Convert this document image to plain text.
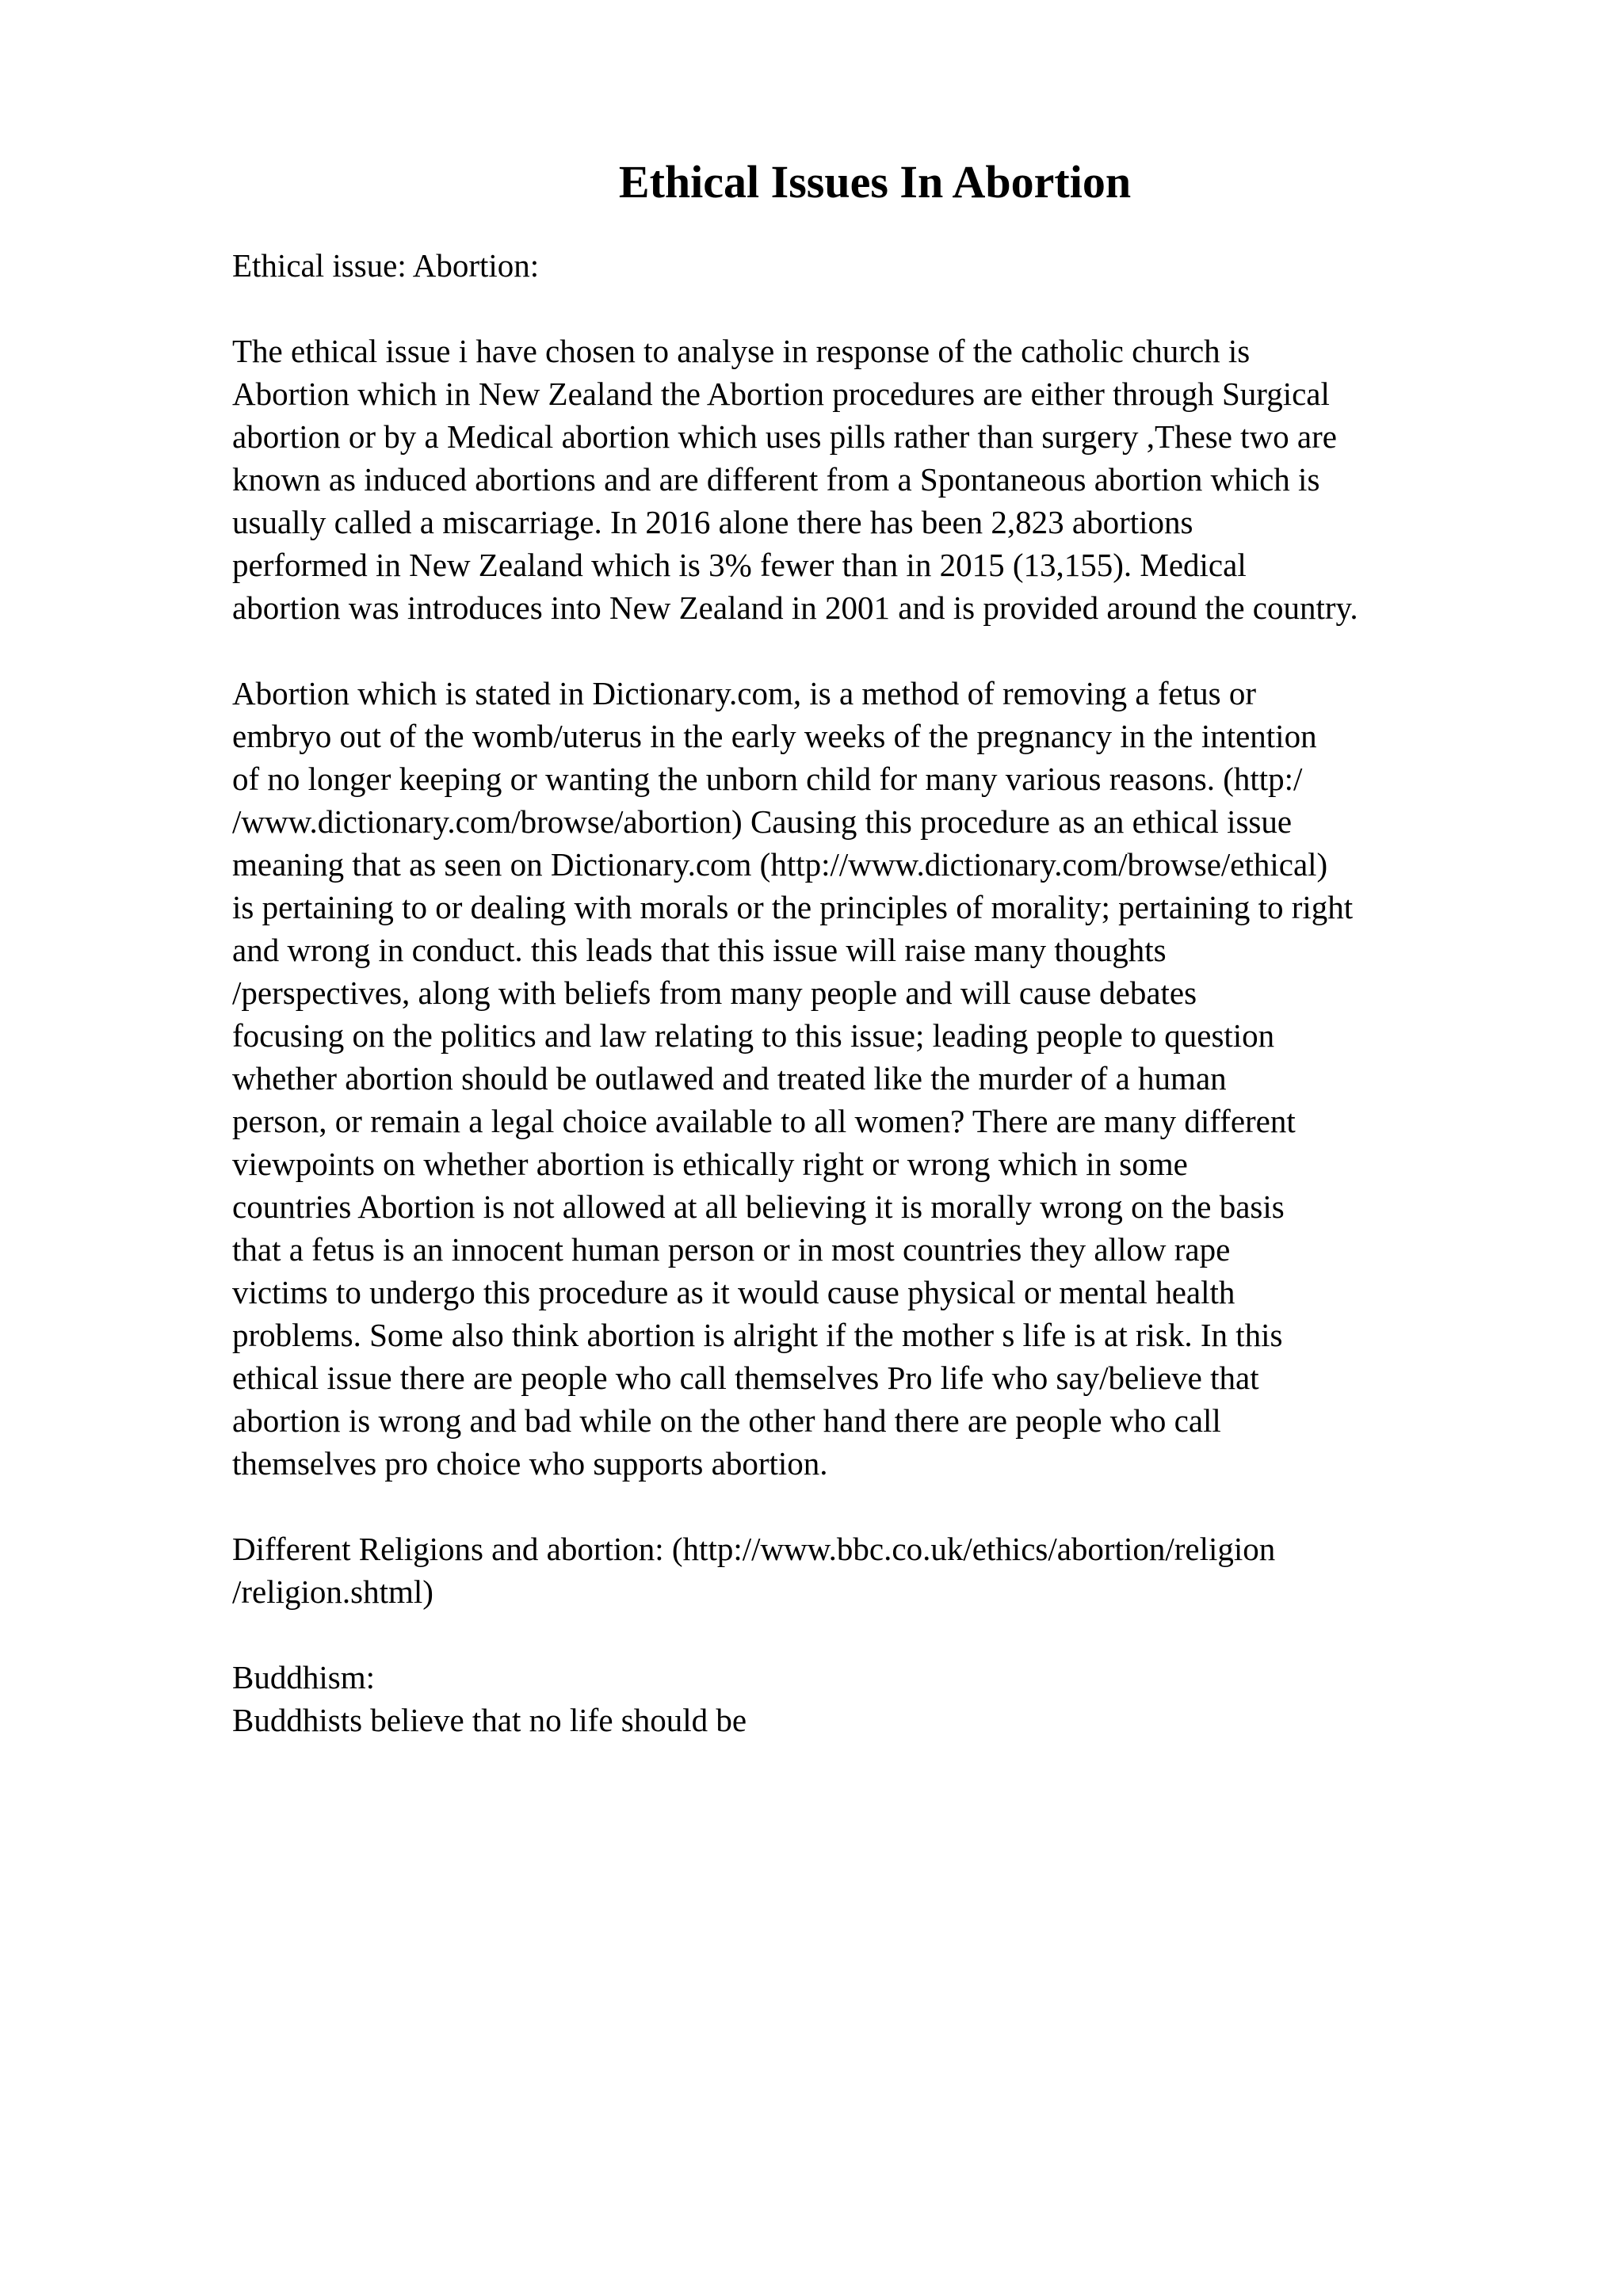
Ethical Issues In Abortion

Ethical issue: Abortion:

The ethical issue i have chosen to analyse in response of the catholic church is
Abortion which in New Zealand the Abortion procedures are either through Surgical
abortion or by a Medical abortion which uses pills rather than surgery ,These two are
known as induced abortions and are different from a Spontaneous abortion which is
usually called a miscarriage. In 2016 alone there has been 2,823 abortions
performed in New Zealand which is 3% fewer than in 2015 (13,155). Medical
abortion was introduces into New Zealand in 2001 and is provided around the country.

Abortion which is stated in Dictionary.com, is a method of removing a fetus or
embryo out of the womb/uterus in the early weeks of the pregnancy in the intention
of no longer keeping or wanting the unborn child for many various reasons. (http:/
/www.dictionary.com/browse/abortion) Causing this procedure as an ethical issue
meaning that as seen on Dictionary.com (http://www.dictionary.com/browse/ethical)
is pertaining to or dealing with morals or the principles of morality; pertaining to right
and wrong in conduct. this leads that this issue will raise many thoughts
/perspectives, along with beliefs from many people and will cause debates
focusing on the politics and law relating to this issue; leading people to question
whether abortion should be outlawed and treated like the murder of a human
person, or remain a legal choice available to all women? There are many different
viewpoints on whether abortion is ethically right or wrong which in some
countries Abortion is not allowed at all believing it is morally wrong on the basis
that a fetus is an innocent human person or in most countries they allow rape
victims to undergo this procedure as it would cause physical or mental health
problems. Some also think abortion is alright if the mother s life is at risk. In this
ethical issue there are people who call themselves Pro life who say/believe that
abortion is wrong and bad while on the other hand there are people who call
themselves pro choice who supports abortion.

Different Religions and abortion: (http://www.bbc.co.uk/ethics/abortion/religion
/religion.shtml)

Buddhism:
Buddhists believe that no life should be
